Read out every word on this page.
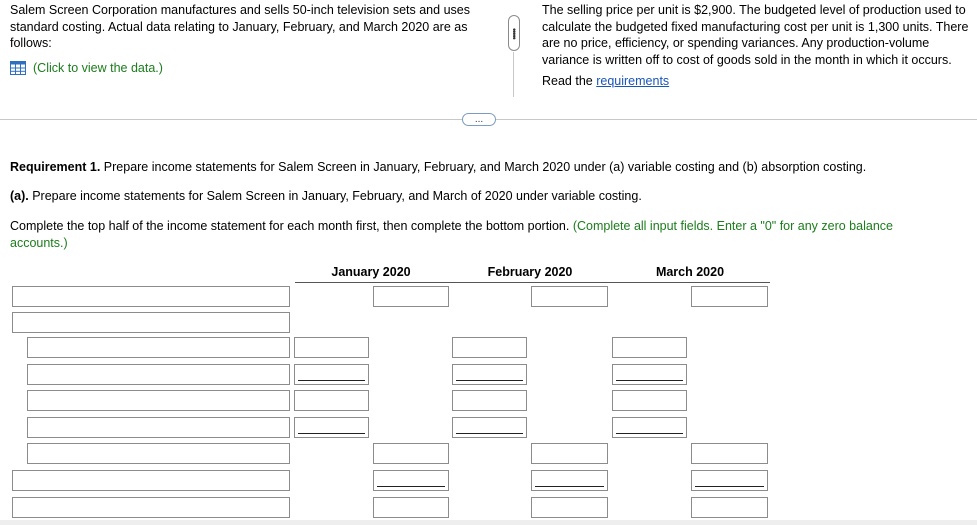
Salem Screen Corporation manufactures and sells 50-inch television sets and uses standard costing. Actual data relating to January, February, and March 2020 are as follows:
(Click to view the data.)
•••••
The selling price per unit is $2,900. The budgeted level of production used to calculate the budgeted fixed manufacturing cost per unit is 1,300 units. There are no price, efficiency, or spending variances. Any production-volume variance is written off to cost of goods sold in the month in which it occurs.
Read the requirements
...
Requirement 1. Prepare income statements for Salem Screen in January, February, and March 2020 under (a) variable costing and (b) absorption costing.
(a). Prepare income statements for Salem Screen in January, February, and March of 2020 under variable costing.
Complete the top half of the income statement for each month first, then complete the bottom portion. (Complete all input fields. Enter a "0" for any zero balance accounts.)
January 2020	February 2020	March 2020
